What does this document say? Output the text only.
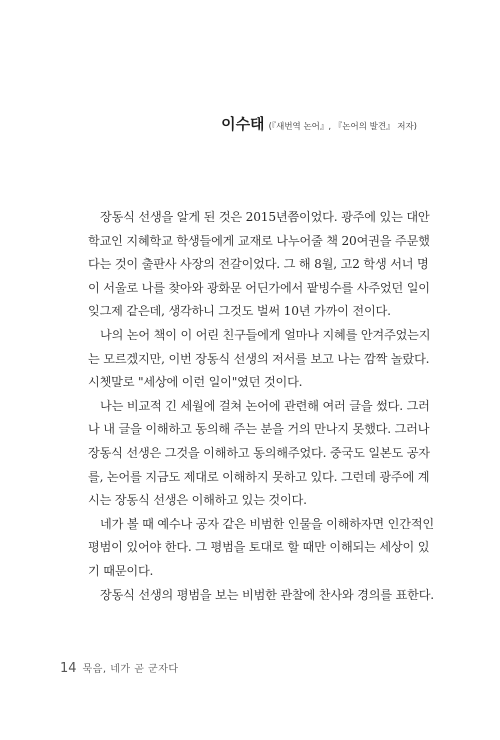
이수태 (『새번역 논어』, 『논어의 발견』 저자)
장동식 선생을 알게 된 것은 2015년쯤이었다. 광주에 있는 대안
학교인 지혜학교 학생들에게 교재로 나누어줄 책 20여권을 주문했
다는 것이 출판사 사장의 전갈이었다. 그 해 8월, 고2 학생 서너 명
이 서울로 나를 찾아와 광화문 어딘가에서 팥빙수를 사주었던 일이
잊그제 같은데, 생각하니 그것도 벌써 10년 가까이 전이다.
나의 논어 책이 이 어린 친구들에게 얼마나 지혜를 안겨주었는지
는 모르겠지만, 이번 장동식 선생의 저서를 보고 나는 깜짝 놀랐다.
시쳇말로 "세상에 이런 일이"였던 것이다.
나는 비교적 긴 세월에 걸쳐 논어에 관련해 여러 글을 썼다. 그러
나 내 글을 이해하고 동의해 주는 분을 거의 만나지 못했다. 그러나
장동식 선생은 그것을 이해하고 동의해주었다. 중국도 일본도 공자
를, 논어를 지금도 제대로 이해하지 못하고 있다. 그런데 광주에 계
시는 장동식 선생은 이해하고 있는 것이다.
네가 볼 때 예수나 공자 같은 비범한 인물을 이해하자면 인간적인
평범이 있어야 한다. 그 평범을 토대로 할 때만 이해되는 세상이 있
기 때문이다.
장동식 선생의 평범을 보는 비범한 관찰에 찬사와 경의를 표한다.
14 묵음, 네가 곧 군자다
